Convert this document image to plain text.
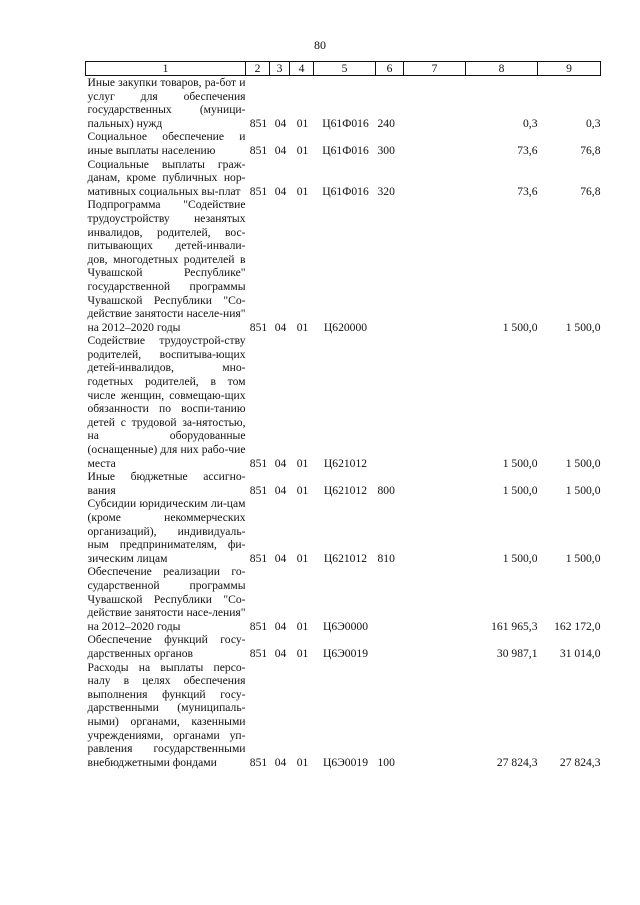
80
1	2	3	4	5	6	7	8	9
Иные закупки товаров, ра-бот и услуг для обеспечения государственных (муници-пальных) нужд	851	04	01	Ц61Ф016	240		0,3	0,3
Социальное обеспечение и иные выплаты населению	851	04	01	Ц61Ф016	300		73,6	76,8
Социальные выплаты граж-данам, кроме публичных нор-мативных социальных вы-плат	851	04	01	Ц61Ф016	320		73,6	76,8
Подпрограмма "Содействие трудоустройству незанятых инвалидов, родителей, вос-питывающих детей-инвали-дов, многодетных родителей в Чувашской Республике" государственной программы Чувашской Республики "Со-действие занятости населе-ния" на 2012–2020 годы	851	04	01	Ц620000			1 500,0	1 500,0
Содействие трудоустрой-ству родителей, воспитыва-ющих детей-инвалидов, мно-годетных родителей, в том числе женщин, совмещаю-щих обязанности по воспи-танию детей с трудовой за-нятостью, на оборудованные (оснащенные) для них рабо-чие места	851	04	01	Ц621012			1 500,0	1 500,0
Иные бюджетные ассигно-вания	851	04	01	Ц621012	800		1 500,0	1 500,0
Субсидии юридическим ли-цам (кроме некоммерческих организаций), индивидуаль-ным предпринимателям, фи-зическим лицам	851	04	01	Ц621012	810		1 500,0	1 500,0
Обеспечение реализации го-сударственной программы Чувашской Республики "Со-действие занятости насе-ления" на 2012–2020 годы	851	04	01	Ц6Э0000			161 965,3	162 172,0
Обеспечение функций госу-дарственных органов	851	04	01	Ц6Э0019			30 987,1	31 014,0
Расходы на выплаты персо-налу в целях обеспечения выполнения функций госу-дарственными (муниципаль-ными) органами, казенными учреждениями, органами уп-равления государственными внебюджетными фондами	851	04	01	Ц6Э0019	100		27 824,3	27 824,3
